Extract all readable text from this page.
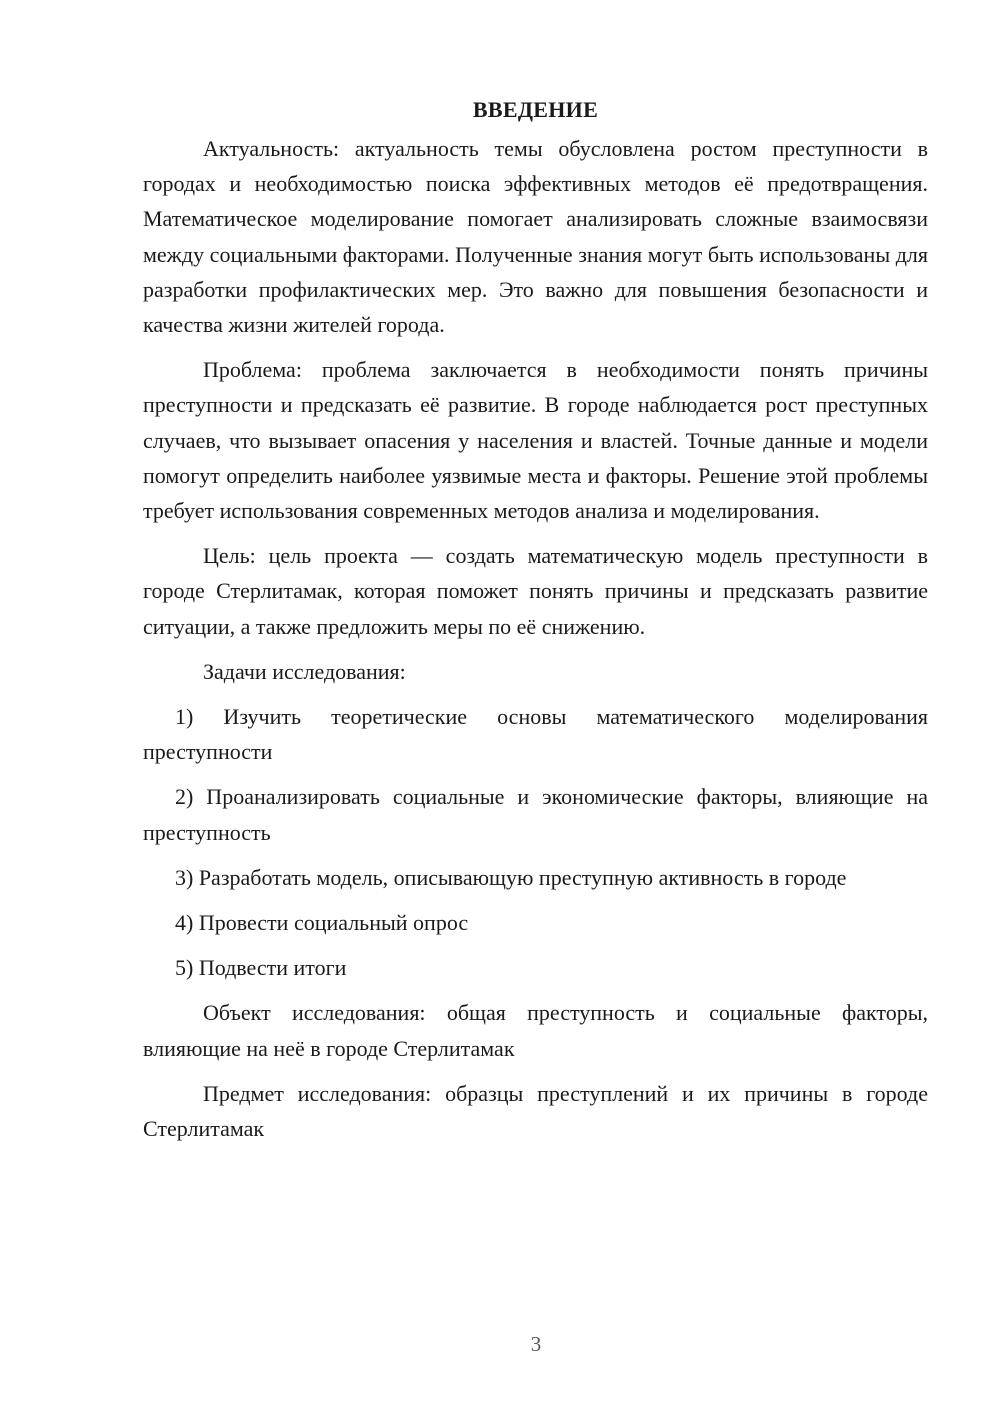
ВВЕДЕНИЕ

Актуальность: актуальность темы обусловлена ростом преступности в городах и необходимостью поиска эффективных методов её предотвращения. Математическое моделирование помогает анализировать сложные взаимосвязи между социальными факторами. Полученные знания могут быть использованы для разработки профилактических мер. Это важно для повышения безопасности и качества жизни жителей города.

Проблема: проблема заключается в необходимости понять причины преступности и предсказать её развитие. В городе наблюдается рост преступных случаев, что вызывает опасения у населения и властей. Точные данные и модели помогут определить наиболее уязвимые места и факторы. Решение этой проблемы требует использования современных методов анализа и моделирования.

Цель: цель проекта — создать математическую модель преступности в городе Стерлитамак, которая поможет понять причины и предсказать развитие ситуации, а также предложить меры по её снижению.

Задачи исследования:

1) Изучить теоретические основы математического моделирования преступности

2) Проанализировать социальные и экономические факторы, влияющие на преступность

3) Разработать модель, описывающую преступную активность в городе

4) Провести социальный опрос

5) Подвести итоги

Объект исследования: общая преступность и социальные факторы, влияющие на неё в городе Стерлитамак

Предмет исследования: образцы преступлений и их причины в городе Стерлитамак

3
